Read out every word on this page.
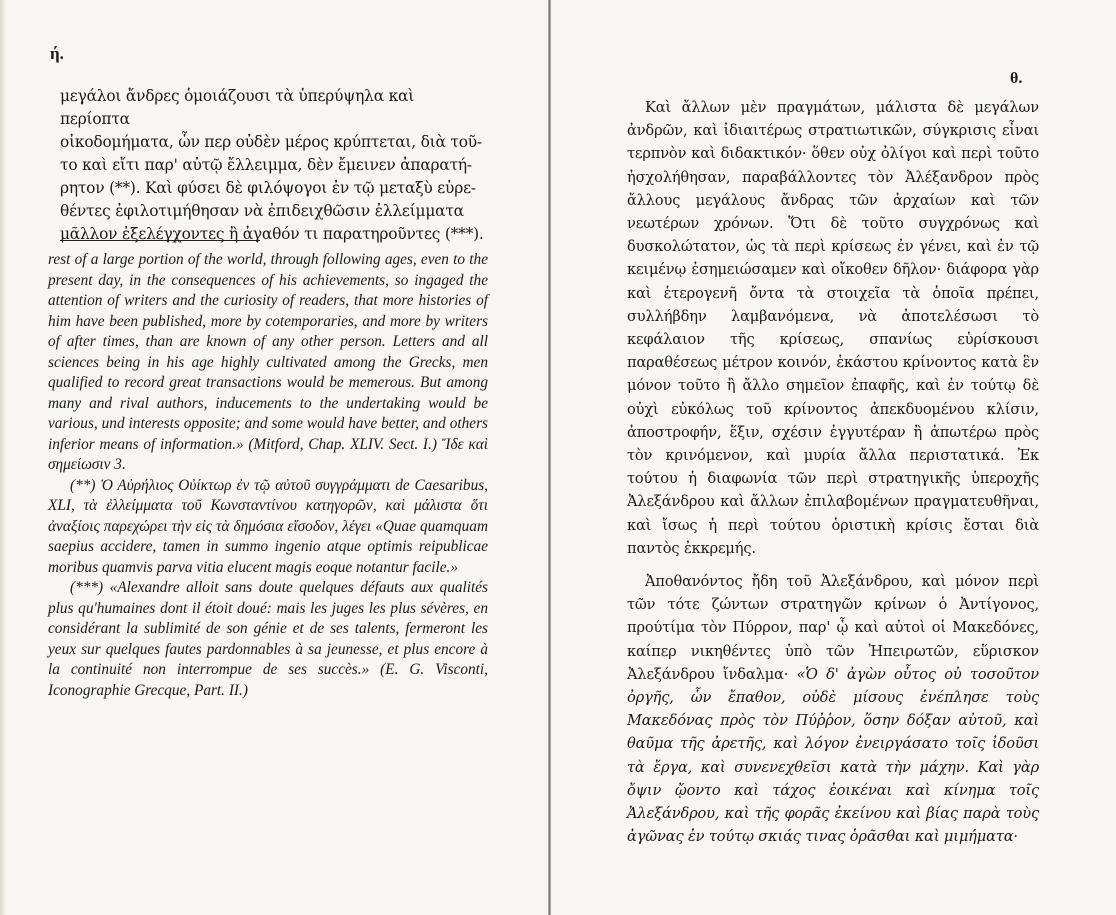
ή.

μεγάλοι ἄνδρες ὁμοιάζουσι τὰ ὑπερύψηλα καὶ περίοπτα

οἰκοδομήματα, ὧν περ οὐδὲν μέρος κρύπτεται, διὰ τοῦ-

το καὶ εἴτι παρ' αὐτῷ ἔλλειμμα, δὲν ἔμεινεν ἀπαρατή-

ρητον (**). Καὶ φύσει δὲ φιλόψογοι ἐν τῷ μεταξὺ εὑρε-

θέντες ἐφιλοτιμήθησαν νὰ ἐπιδειχθῶσιν ἐλλείμματα

μᾶλλον ἐξελέγχοντες ἢ ἀγαθόν τι παρατηροῦντες (***).

rest of a large portion of the world, through following ages, even to the present day, in the consequences of his achievements, so ingaged the attention of writers and the curiosity of readers, that more histories of him have been published, more by cotemporaries, and more by writers of after times, than are known of any other person. Letters and all sciences being in his age highly cultivated among the Grecks, men qualified to record great transactions would be memerous. But among many and rival authors, inducements to the undertaking would be various, und interests opposite; and some would have better, and others inferior means of information.» (Mitford, Chap. XLIV. Sect. I.) Ἴδε καὶ σημείωσιν 3.

(**) Ὁ Αὐρήλιος Οὐίκτωρ ἐν τῷ αὐτοῦ συγγράμματι de Caesaribus, XLI, τὰ ἐλλείμματα τοῦ Κωνσταντίνου κατηγορῶν, καὶ μάλιστα ὅτι ἀναξίοις παρεχώρει τὴν εἰς τὰ δημόσια εἴσοδον, λέγει «Quae quamquam saepius accidere, tamen in summo ingenio atque optimis reipublicae moribus quamvis parva vitia elucent magis eoque notantur facile.»

(***) «Alexandre alloit sans doute quelques défauts aux qualités plus qu'humaines dont il étoit doué: mais les juges les plus sévères, en considérant la sublimité de son génie et de ses talents, fermeront les yeux sur quelques fautes pardonnables à sa jeunesse, et plus encore à la continuité non interrompue de ses succès.» (E. G. Visconti, Iconographie Grecque, Part. II.)

θ.

Καὶ ἄλλων μὲν πραγμάτων, μάλιστα δὲ μεγάλων ἀνδρῶν, καὶ ἰδιαιτέρως στρατιωτικῶν, σύγκρισις εἶναι τερπνὸν καὶ διδακτικόν· ὅθεν οὐχ ὀλίγοι καὶ περὶ τοῦτο ἠσχολήθησαν, παραβάλλοντες τὸν Ἀλέξανδρον πρὸς ἄλλους μεγάλους ἄνδρας τῶν ἀρχαίων καὶ τῶν νεωτέρων χρόνων. Ὅτι δὲ τοῦτο συγχρόνως καὶ δυσκολώτατον, ὡς τὰ περὶ κρίσεως ἐν γένει, καὶ ἐν τῷ κειμένῳ ἐσημειώσαμεν καὶ οἴκοθεν δῆλον· διάφορα γὰρ καὶ ἑτερογενῆ ὄντα τὰ στοιχεῖα τὰ ὁποῖα πρέπει, συλλήβδην λαμβανόμενα, νὰ ἀποτελέσωσι τὸ κεφάλαιον τῆς κρίσεως, σπανίως εὑρίσκουσι παραθέσεως μέτρον κοινόν, ἑκάστου κρίνοντος κατὰ ἓν μόνον τοῦτο ἢ ἄλλο σημεῖον ἐπαφῆς, καὶ ἐν τούτῳ δὲ οὐχὶ εὐκόλως τοῦ κρίνοντος ἀπεκδυομένου κλίσιν, ἀποστροφήν, ἕξιν, σχέσιν ἐγγυτέραν ἢ ἀπωτέρω πρὸς τὸν κρινόμενον, καὶ μυρία ἄλλα περιστατικά. Ἐκ τούτου ἡ διαφωνία τῶν περὶ στρατηγικῆς ὑπεροχῆς Ἀλεξάνδρου καὶ ἄλλων ἐπιλαβομένων πραγματευθῆναι, καὶ ἴσως ἡ περὶ τούτου ὁριστικὴ κρίσις ἔσται διὰ παντὸς ἐκκρεμής.

Ἀποθανόντος ἤδη τοῦ Ἀλεξάνδρου, καὶ μόνον περὶ τῶν τότε ζώντων στρατηγῶν κρίνων ὁ Ἀντίγονος, προύτίμα τὸν Πύρρον, παρ' ᾧ καὶ αὐτοὶ οἱ Μακεδόνες, καίπερ νικηθέντες ὑπὸ τῶν Ἠπειρωτῶν, εὕρισκον Ἀλεξάνδρου ἴνδαλμα· «Ὁ δ' ἀγὼν οὗτος οὐ τοσοῦτον ὀργῆς, ὧν ἔπαθον, οὐδὲ μίσους ἐνέπλησε τοὺς Μακεδόνας πρὸς τὸν Πύῤῥον, ὅσην δόξαν αὐτοῦ, καὶ θαῦμα τῆς ἀρετῆς, καὶ λόγον ἐνειργάσατο τοῖς ἰδοῦσι τὰ ἔργα, καὶ συνενεχθεῖσι κατὰ τὴν μάχην. Καὶ γὰρ ὄψιν ᾤοντο καὶ τάχος ἐοικέναι καὶ κίνημα τοῖς Ἀλεξάνδρου, καὶ τῆς φορᾶς ἐκείνου καὶ βίας παρὰ τοὺς ἀγῶνας ἐν τούτῳ σκιάς τινας ὁρᾶσθαι καὶ μιμήματα·
